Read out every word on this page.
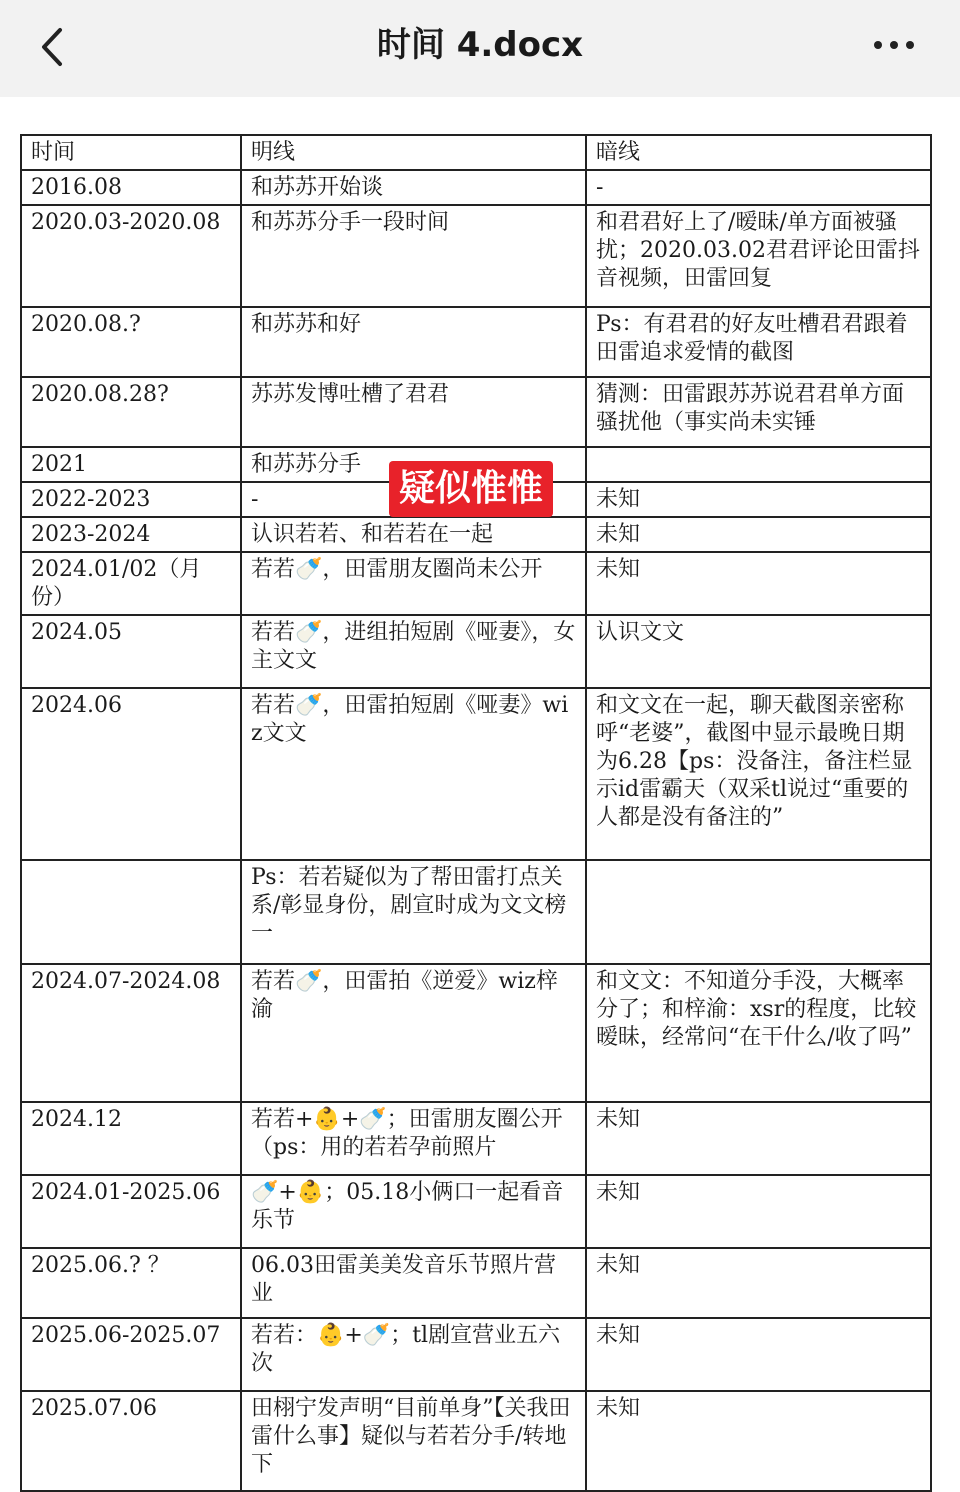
时间 4.docx
时间	明线	暗线
2016.08	和苏苏开始谈	-
2020.03-2020.08	和苏苏分手一段时间	和君君好上了/暧昧/单方面被骚扰；2020.03.02君君评论田雷抖音视频，田雷回复
2020.08.?	和苏苏和好	Ps：有君君的好友吐槽君君跟着田雷追求爱情的截图
2020.08.28?	苏苏发博吐槽了君君	猜测：田雷跟苏苏说君君单方面骚扰他（事实尚未实锤
2021	和苏苏分手	
2022-2023	-	未知
2023-2024	认识若若、和若若在一起	未知
2024.01/02（月份）	若若🍼，田雷朋友圈尚未公开	未知
2024.05	若若🍼，进组拍短剧《哑妻》，女主文文	认识文文
2024.06	若若🍼，田雷拍短剧《哑妻》wiz文文	和文文在一起，聊天截图亲密称呼“老婆”，截图中显示最晚日期为6.28【ps：没备注，备注栏显示id雷霸天（双采tl说过“重要的人都是没有备注的”
	Ps：若若疑似为了帮田雷打点关系/彰显身份，剧宣时成为文文榜一	
2024.07-2024.08	若若🍼，田雷拍《逆爱》wiz梓渝	和文文：不知道分手没，大概率分了；和梓渝：xsr的程度，比较暧昧，经常问“在干什么/收了吗”
2024.12	若若+👶+🍼；田雷朋友圈公开（ps：用的若若孕前照片	未知
2024.01-2025.06	🍼+👶；05.18小俩口一起看音乐节	未知
2025.06.? ？	06.03田雷美美发音乐节照片营业	未知
2025.06-2025.07	若若：👶+🍼；tl剧宣营业五六次	未知
2025.07.06	田栩宁发声明“目前单身”【关我田雷什么事】疑似与若若分手/转地下	未知
疑似惟惟
